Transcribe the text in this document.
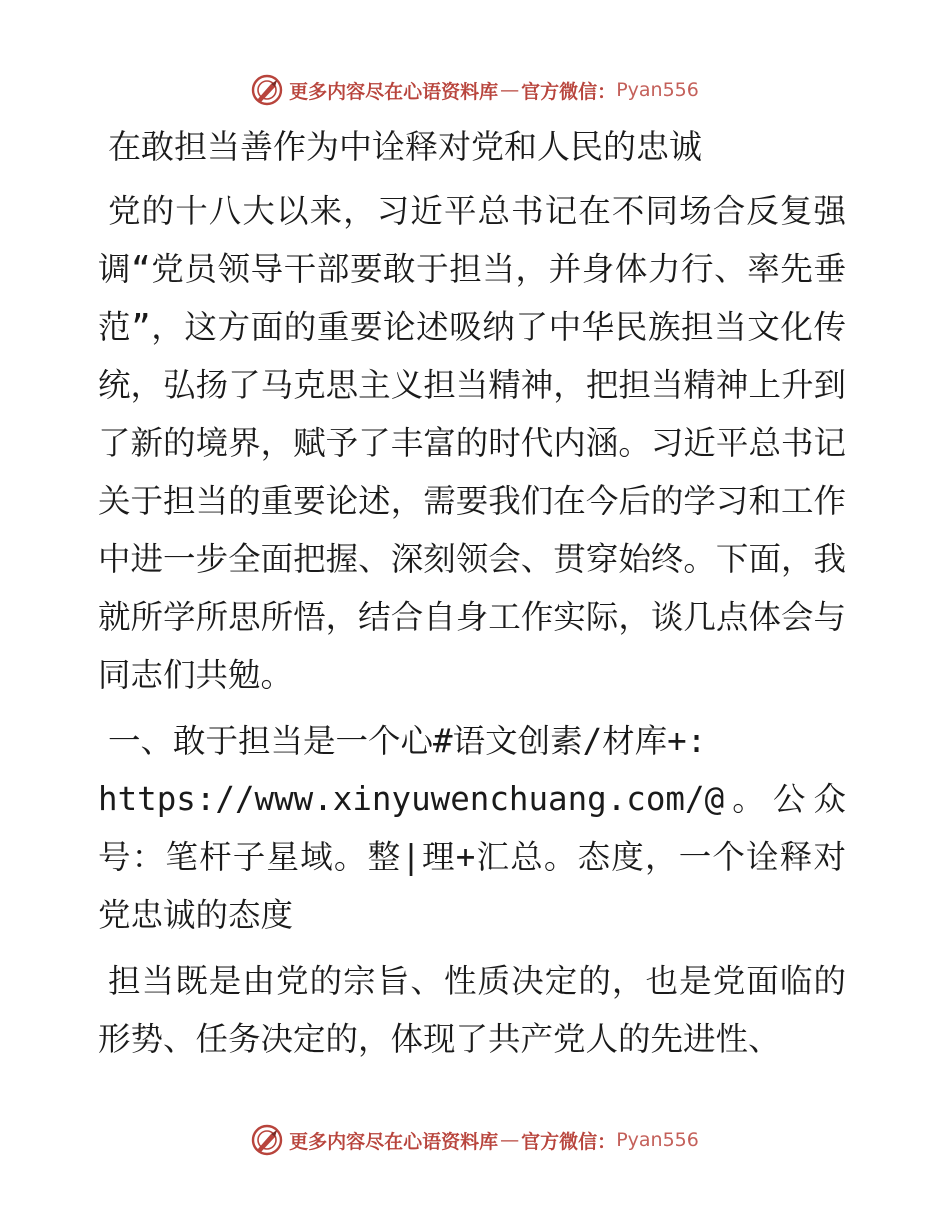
更多内容尽在心语资料库 — 官方微信： Pyan556
在敢担当善作为中诠释对党和人民的忠诚

党的十八大以来，习近平总书记在不同场合反复强调“党员领导干部要敢于担当，并身体力行、率先垂范”，这方面的重要论述吸纳了中华民族担当文化传统，弘扬了马克思主义担当精神，把担当精神上升到了新的境界，赋予了丰富的时代内涵。习近平总书记关于担当的重要论述，需要我们在今后的学习和工作中进一步全面把握、深刻领会、贯穿始终。下面，我就所学所思所悟，结合自身工作实际，谈几点体会与同志们共勉。

一、敢于担当是一个心#语文创素/材库+:

https://www.xinyuwenchuang.com/@。公众号：笔杆子星域。整|理+汇总。态度，一个诠释对党忠诚的态度

担当既是由党的宗旨、性质决定的，也是党面临的形势、任务决定的，体现了共产党人的先进性、

更多内容尽在心语资料库 — 官方微信： Pyan556
